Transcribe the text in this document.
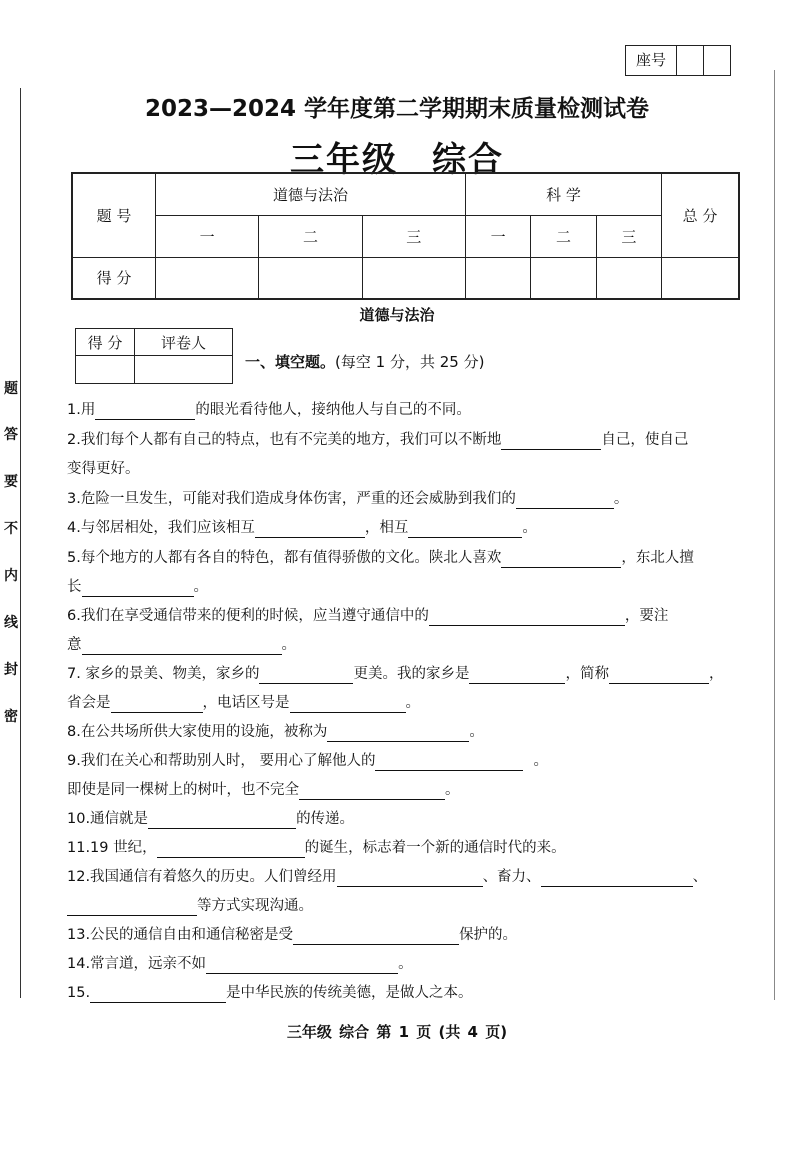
座号
密
封
线
内
不
要
答
题
2023—2024 学年度第二学期期末质量检测试卷
三年级 综合
题 号	道德与法治			科 学			总 分
	一	二	三	一	二	三	
得 分							
道德与法治
得 分	评卷人

一、填空题。(每空 1 分，共 25 分)
1.用	的眼光看待他人，接纳他人与自己的不同。
2.我们每个人都有自己的特点，也有不完美的地方，我们可以不断地	自己，使自己
变得更好。
3.危险一旦发生，可能对我们造成身体伤害，严重的还会威胁到我们的	。
4.与邻居相处，我们应该相互	，相互	。
5.每个地方的人都有各自的特色，都有值得骄傲的文化。陕北人喜欢	，东北人擅
长	。
6.我们在享受通信带来的便利的时候，应当遵守通信中的	，要注
意	。
7. 家乡的景美、物美，家乡的	更美。我的家乡是	，简称	，
省会是	，电话区号是	。
8.在公共场所供大家使用的设施，被称为	。
9.我们在关心和帮助别人时， 要用心了解他人的	。
即使是同一棵树上的树叶，也不完全	。
10.通信就是	的传递。
11.19 世纪，	的诞生，标志着一个新的通信时代的来。
12.我国通信有着悠久的历史。人们曾经用	、畜力、	、
等方式实现沟通。
13.公民的通信自由和通信秘密是受	保护的。
14.常言道，远亲不如	。
15.	是中华民族的传统美德，是做人之本。
三年级 综合 第 1 页 (共 4 页)
